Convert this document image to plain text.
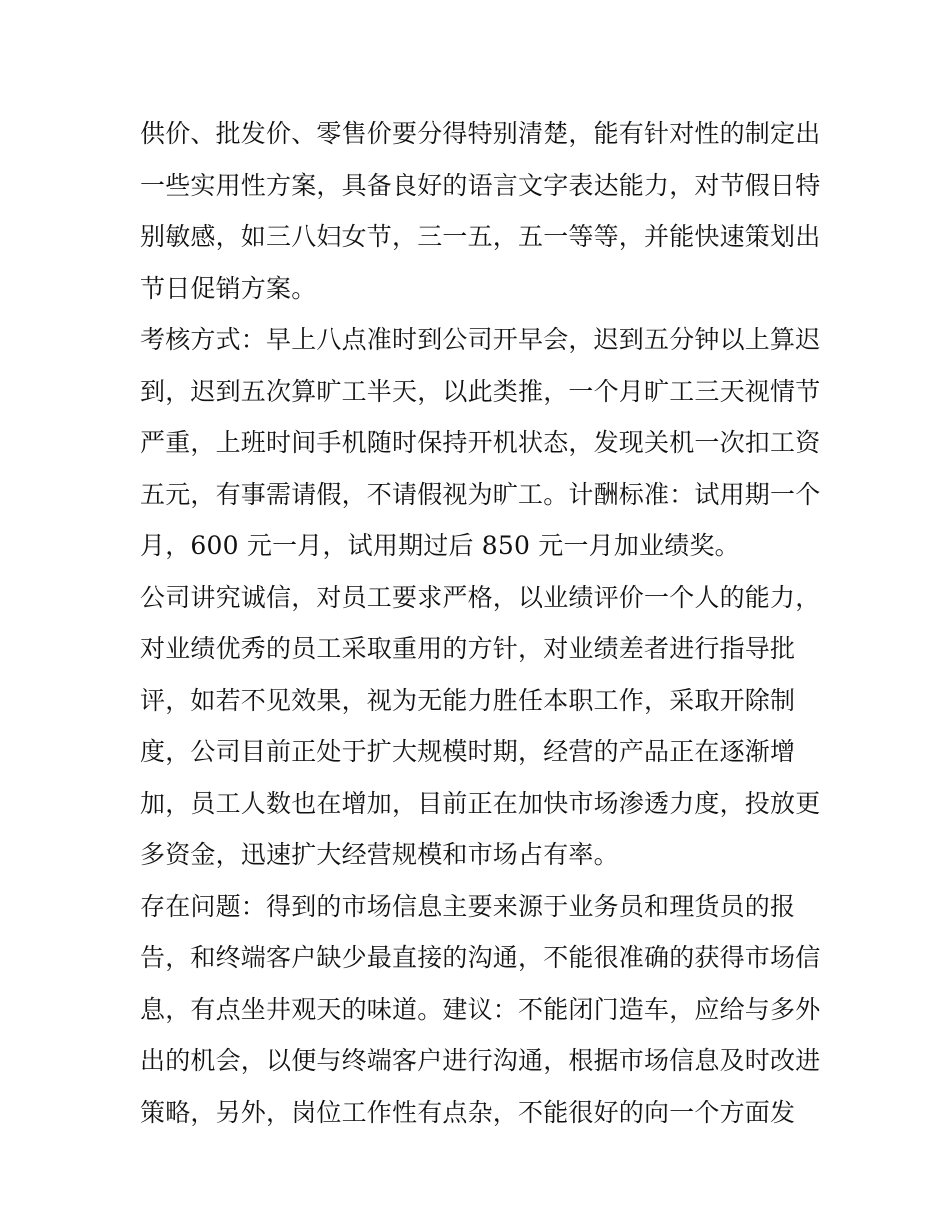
供价、批发价、零售价要分得特别清楚，能有针对性的制定出
一些实用性方案，具备良好的语言文字表达能力，对节假日特
别敏感，如三八妇女节，三一五，五一等等，并能快速策划出
节日促销方案。
考核方式：早上八点准时到公司开早会，迟到五分钟以上算迟
到，迟到五次算旷工半天，以此类推，一个月旷工三天视情节
严重，上班时间手机随时保持开机状态，发现关机一次扣工资
五元，有事需请假，不请假视为旷工。计酬标准：试用期一个
月，600 元一月，试用期过后 850 元一月加业绩奖。
公司讲究诚信，对员工要求严格，以业绩评价一个人的能力，
对业绩优秀的员工采取重用的方针，对业绩差者进行指导批
评，如若不见效果，视为无能力胜任本职工作，采取开除制
度，公司目前正处于扩大规模时期，经营的产品正在逐渐增
加，员工人数也在增加，目前正在加快市场渗透力度，投放更
多资金，迅速扩大经营规模和市场占有率。
存在问题：得到的市场信息主要来源于业务员和理货员的报
告，和终端客户缺少最直接的沟通，不能很准确的获得市场信
息，有点坐井观天的味道。建议：不能闭门造车，应给与多外
出的机会，以便与终端客户进行沟通，根据市场信息及时改进
策略，另外，岗位工作性有点杂，不能很好的向一个方面发
